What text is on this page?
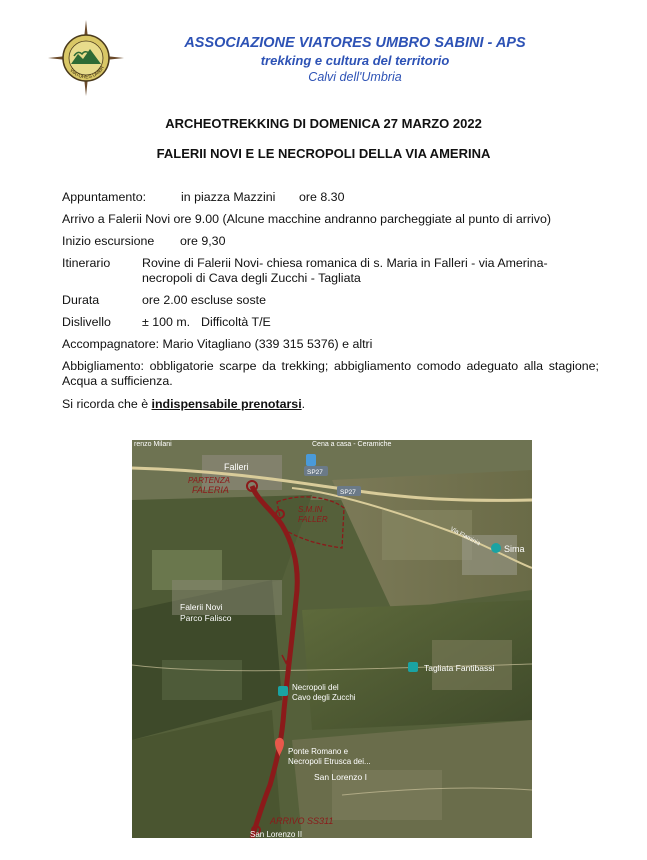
VIATORES UMBR
ASSOCIAZIONE VIATORES UMBRO SABINI - APS
trekking e cultura del territorio
Calvi dell'Umbria
ARCHEOTREKKING DI DOMENICA 27 MARZO 2022
FALERII NOVI E LE NECROPOLI DELLA VIA AMERINA
Appuntamento:	in piazza Mazzini ore 8.30
Arrivo a Falerii Novi ore 9.00 (Alcune macchine andranno parcheggiate al punto di arrivo)
Inizio escursione ore 9,30
Itinerario	Rovine di Falerii Novi- chiesa romanica di s. Maria in Falleri - via Amerina-
necropoli di Cava degli Zucchi - Tagliata
Durata	ore 2.00 escluse soste
Dislivello	± 100 m. Difficoltà T/E
Accompagnatore: Mario Vitagliano (339 315 5376) e altri
Abbigliamento: obbligatorie scarpe da trekking; abbigliamento comodo adeguato alla stagione; Acqua a sufficienza.
Si ricorda che è indispensabile prenotarsi.
renzo Milani	Cena a casa - Ceramiche
SP27
SP27
Falleri
PARTENZA
FALERIA
S.M.IN
FALLER
Via Flaminia
Sima
Falerii Novi
Parco Falisco
Tagliata Fantibassi
Necropoli del
Cavo degli Zucchi
Ponte Romano e
Necropoli Etrusca dei...
San Lorenzo I
ARRIVO SS311
San Lorenzo II
